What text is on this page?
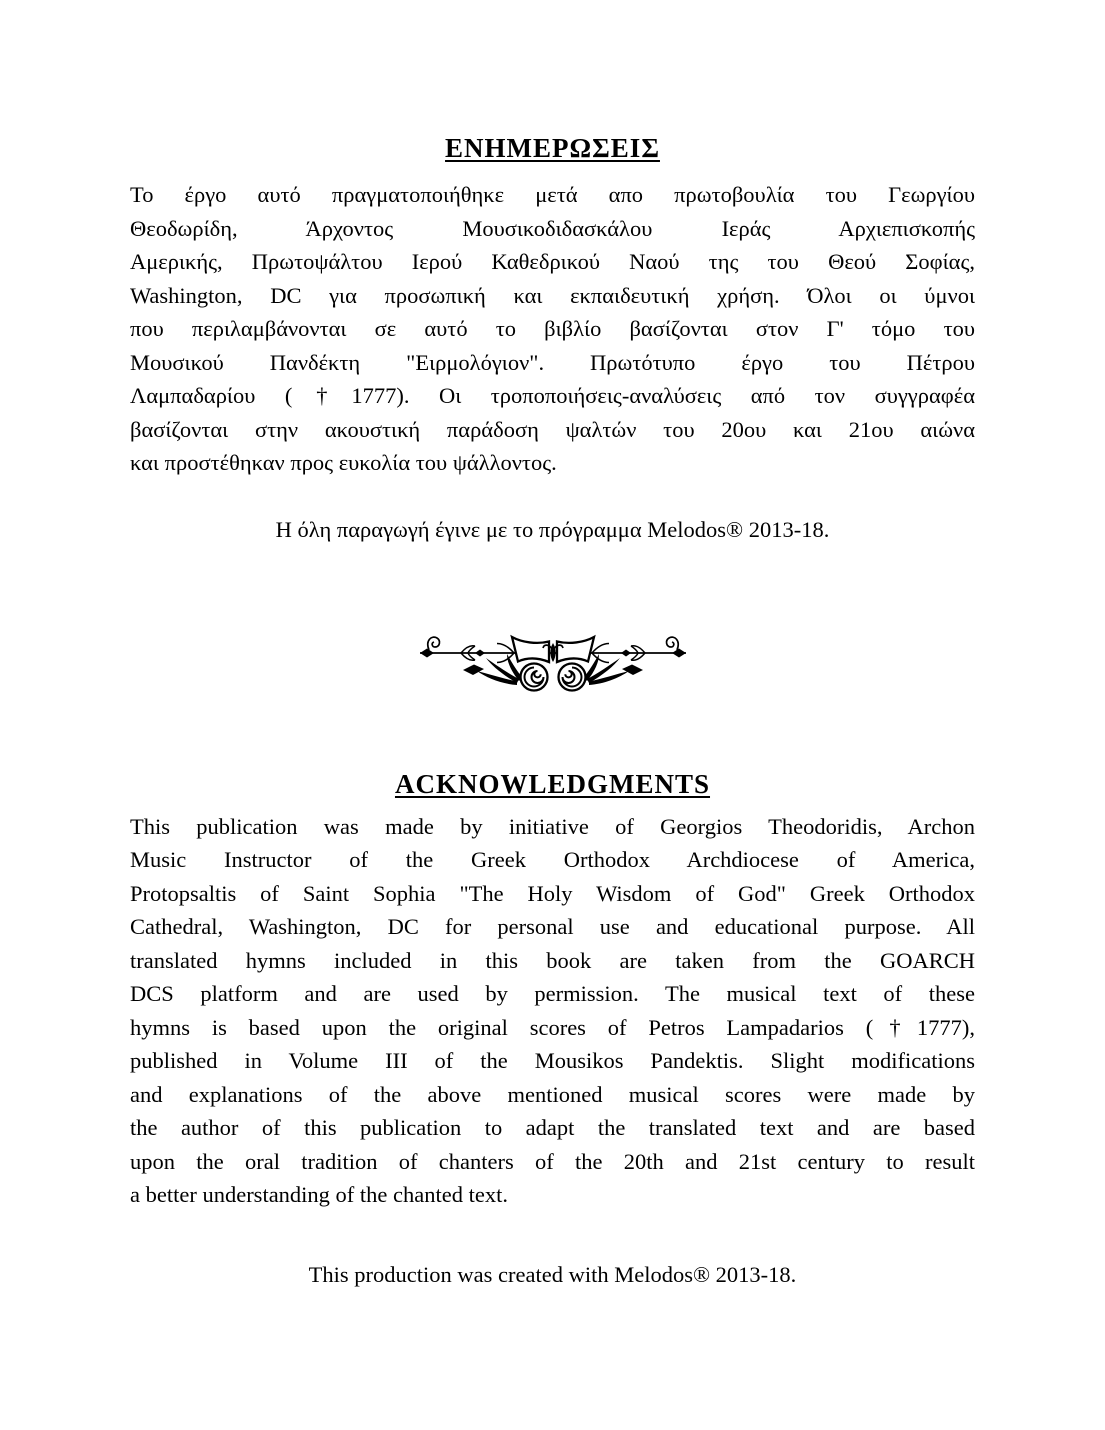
ΕΝΗΜΕΡΩΣΕΙΣ
Το έργο αυτό πραγματοποιήθηκε μετά απο πρωτοβουλία του Γεωργίου
Θεοδωρίδη, Άρχοντος Μουσικοδιδασκάλου Ιεράς Αρχιεπισκοπής
Αμερικής, Πρωτοψάλτου Ιερού Καθεδρικού Ναού της του Θεού Σοφίας,
Washington, DC για προσωπική και εκπαιδευτική χρήση. Όλοι οι ύμνοι
που περιλαμβάνονται σε αυτό το βιβλίο βασίζονται στον Γ' τόμο του
Μουσικού Πανδέκτη "Ειρμολόγιον". Πρωτότυπο έργο του Πέτρου
Λαμπαδαρίου (†1777). Οι τροποποιήσεις-αναλύσεις από τον συγγραφέα
βασίζονται στην ακουστική παράδοση ψαλτών του 20ου και 21ου αιώνα
και προστέθηκαν προς ευκολία του ψάλλοντος.
Η όλη παραγωγή έγινε με το πρόγραμμα Melodos® 2013-18.
ACKNOWLEDGMENTS
This publication was made by initiative of Georgios Theodoridis, Archon
Music Instructor of the Greek Orthodox Archdiocese of America,
Protopsaltis of Saint Sophia "The Holy Wisdom of God" Greek Orthodox
Cathedral, Washington, DC for personal use and educational purpose. All
translated hymns included in this book are taken from the GOARCH
DCS platform and are used by permission. The musical text of these
hymns is based upon the original scores of Petros Lampadarios (†1777),
published in Volume III of the Mousikos Pandektis. Slight modifications
and explanations of the above mentioned musical scores were made by
the author of this publication to adapt the translated text and are based
upon the oral tradition of chanters of the 20th and 21st century to result
a better understanding of the chanted text.
This production was created with Melodos® 2013-18.
